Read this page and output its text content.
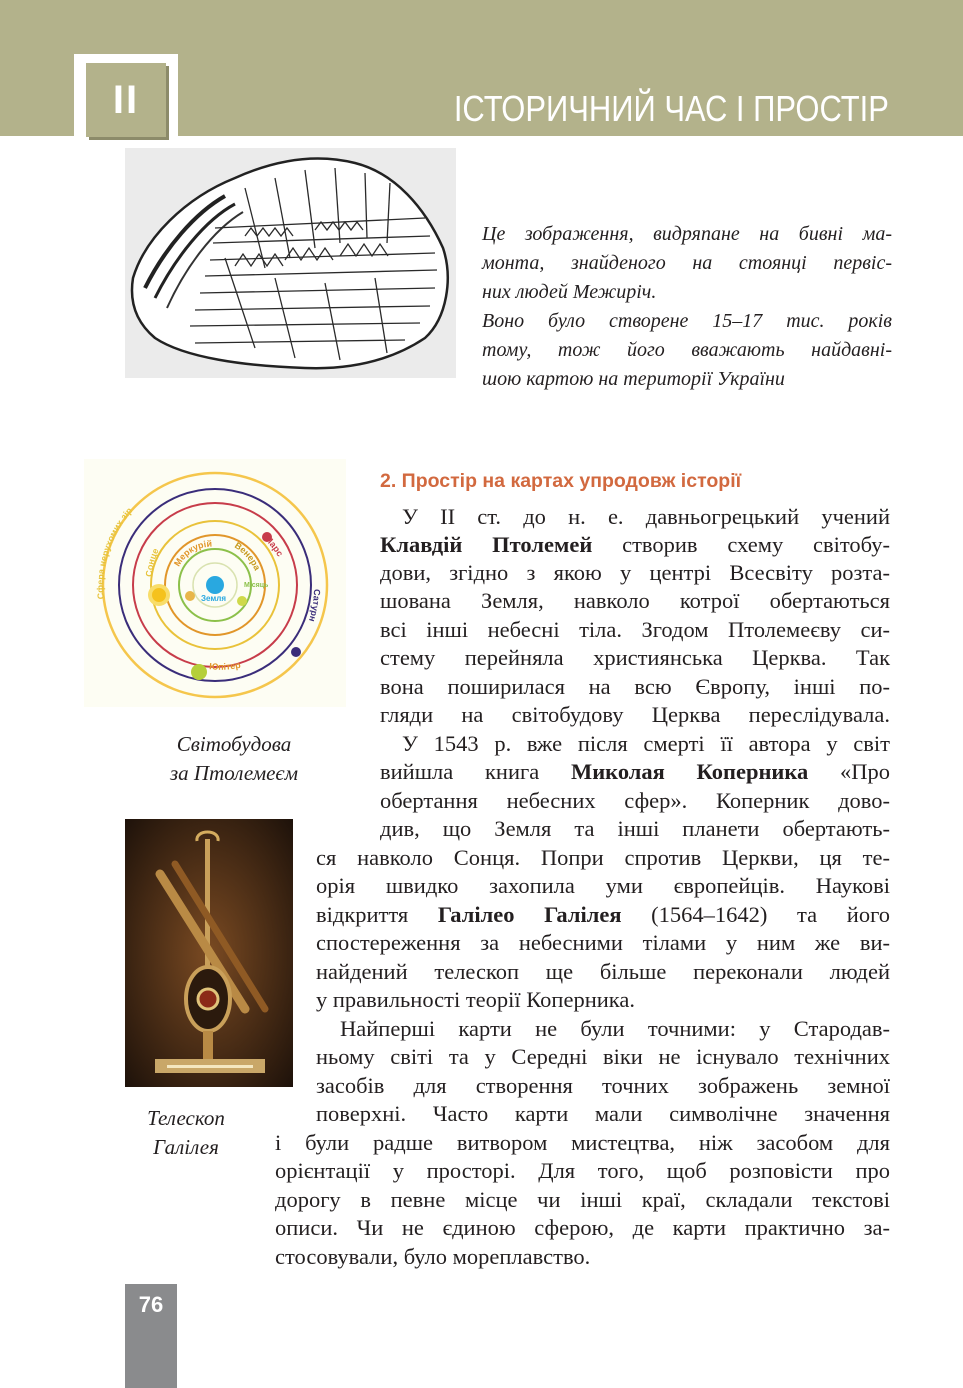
II	ІСТОРИЧНИЙ ЧАС І ПРОСТІР
Це зображення, видряпане на бивні ма-
монта, знайденого на стоянці первіс-
них людей Межиріч.
Воно було створене 15–17 тис. років
тому, тож його вважають найдавні-
шою картою на території України
Сфера нерухомих зір
Сонце
Меркурій Венера
Марс
Сатурн
Юпітер
Земля
Місяць
Світобудова
за Птолемеєм
Телескоп
Галілея
2. Простір на картах упродовж історії
76
У ІІ ст. до н. е. давньогрецький учений
Клавдій Птолемей створив схему світобу-
дови, згідно з якою у центрі Всесвіту розта-
шована Земля, навколо котрої обертаються
всі інші небесні тіла. Згодом Птолемеєву си-
стему перейняла християнська Церква. Так
вона поширилася на всю Європу, інші по-
гляди на світобудову Церква переслідувала.
У 1543 р. вже після смерті її автора у світ
вийшла книга Миколая Коперника «Про
обертання небесних сфер». Коперник дово-
див, що Земля та інші планети обертають-
ся навколо Сонця. Попри спротив Церкви, ця те-
орія швидко захопила уми європейців. Наукові
відкриття Галілео Галілея (1564–1642) та його
спостереження за небесними тілами у ним же ви-
найдений телескоп ще більше переконали людей
у правильності теорії Коперника.
Найперші карти не були точними: у Стародав-
ньому світі та у Середні віки не існувало технічних
засобів для створення точних зображень земної
поверхні. Часто карти мали символічне значення
і були радше витвором мистецтва, ніж засобом для
орієнтації у просторі. Для того, щоб розповісти про
дорогу в певне місце чи інші краї, складали текстові
описи. Чи не єдиною сферою, де карти практично за-
стосовували, було мореплавство.
